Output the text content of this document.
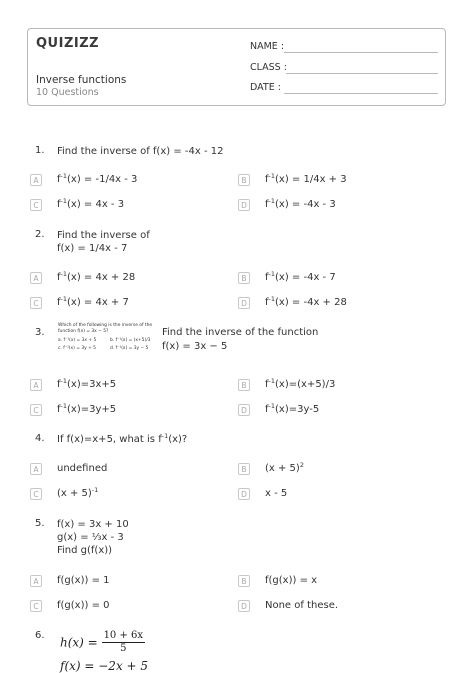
QUIZIZZ
Inverse functions
10 Questions
NAME :
CLASS :
DATE :
1. Find the inverse of f(x) = -4x - 12
A	$f^{-1}(x) = -1/4x - 3$	B	$f^{-1}(x) = 1/4x + 3$
C	$f^{-1}(x) = 4x - 3$	D	$f^{-1}(x) = -4x - 3$
2. Find the inverse of
f(x) = 1/4x - 7
A	$f^{-1}(x) = 4x + 28$	B	$f^{-1}(x) = -4x - 7$
C	$f^{-1}(x) = 4x + 7$	D	$f^{-1}(x) = -4x + 28$
3.
Which of the following is the inverse of the
function f(x) = 3x − 5?
a. f⁻¹(x) = 3x + 5	b. f⁻¹(x) = (x+5)/3
c. f⁻¹(x) = 3y + 5	d. f⁻¹(x) = 3y − 5
Find the inverse of the function
f(x) = 3x − 5
A	$f^{-1}(x)=3x+5$	B	$f^{-1}(x)=(x+5)/3$
C	$f^{-1}(x)=3y+5$	D	$f^{-1}(x)=3y-5$
4. If f(x)=x+5, what is $f^{-1}(x)$?
A	undefined	B	$(x + 5)^2$
C	$(x + 5)^{-1}$	D	x - 5
5. f(x) = 3x + 10
g(x) = ⅓x - 3
Find g(f(x))
A	f(g(x)) = 1	B	f(g(x)) = x
C	f(g(x)) = 0	D	None of these.
6. $h(x) = \frac{10 + 6x}{5}$
f(x) = −2x + 5
